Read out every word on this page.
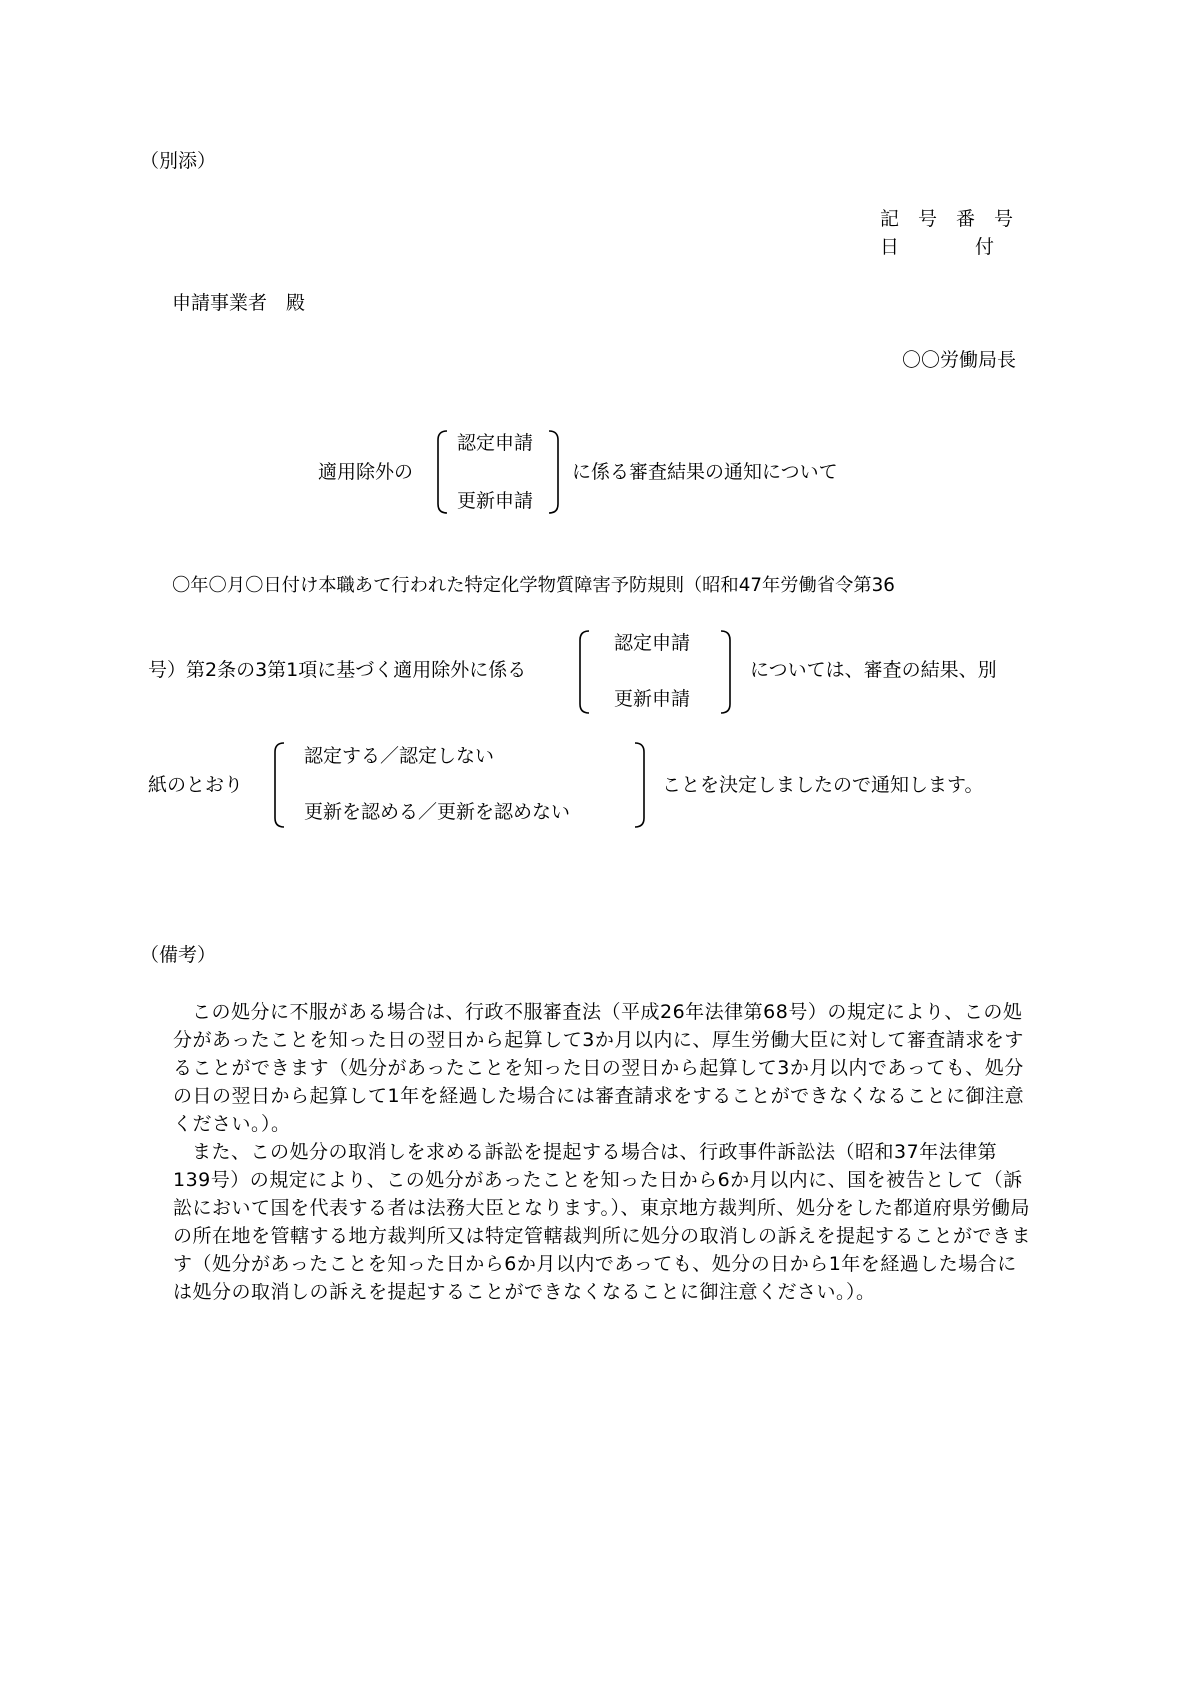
（別添）
記　号　番　号
日　　　　付
申請事業者　殿
〇〇労働局長
適用除外の
認定申請
更新申請
に係る審査結果の通知について
〇年〇月〇日付け本職あて行われた特定化学物質障害予防規則（昭和47年労働省令第36
号）第2条の3第1項に基づく適用除外に係る
認定申請
更新申請
については、審査の結果、別
紙のとおり
認定する／認定しない
更新を認める／更新を認めない
ことを決定しましたので通知します。
（備考）

この処分に不服がある場合は、行政不服審査法（平成26年法律第68号）の規定により、この処分があったことを知った日の翌日から起算して3か月以内に、厚生労働大臣に対して審査請求をすることができます（処分があったことを知った日の翌日から起算して3か月以内であっても、処分の日の翌日から起算して1年を経過した場合には審査請求をすることができなくなることに御注意ください。）。

また、この処分の取消しを求める訴訟を提起する場合は、行政事件訴訟法（昭和37年法律第139号）の規定により、この処分があったことを知った日から6か月以内に、国を被告として（訴訟において国を代表する者は法務大臣となります。）、東京地方裁判所、処分をした都道府県労働局の所在地を管轄する地方裁判所又は特定管轄裁判所に処分の取消しの訴えを提起することができます（処分があったことを知った日から6か月以内であっても、処分の日から1年を経過した場合には処分の取消しの訴えを提起することができなくなることに御注意ください。）。
